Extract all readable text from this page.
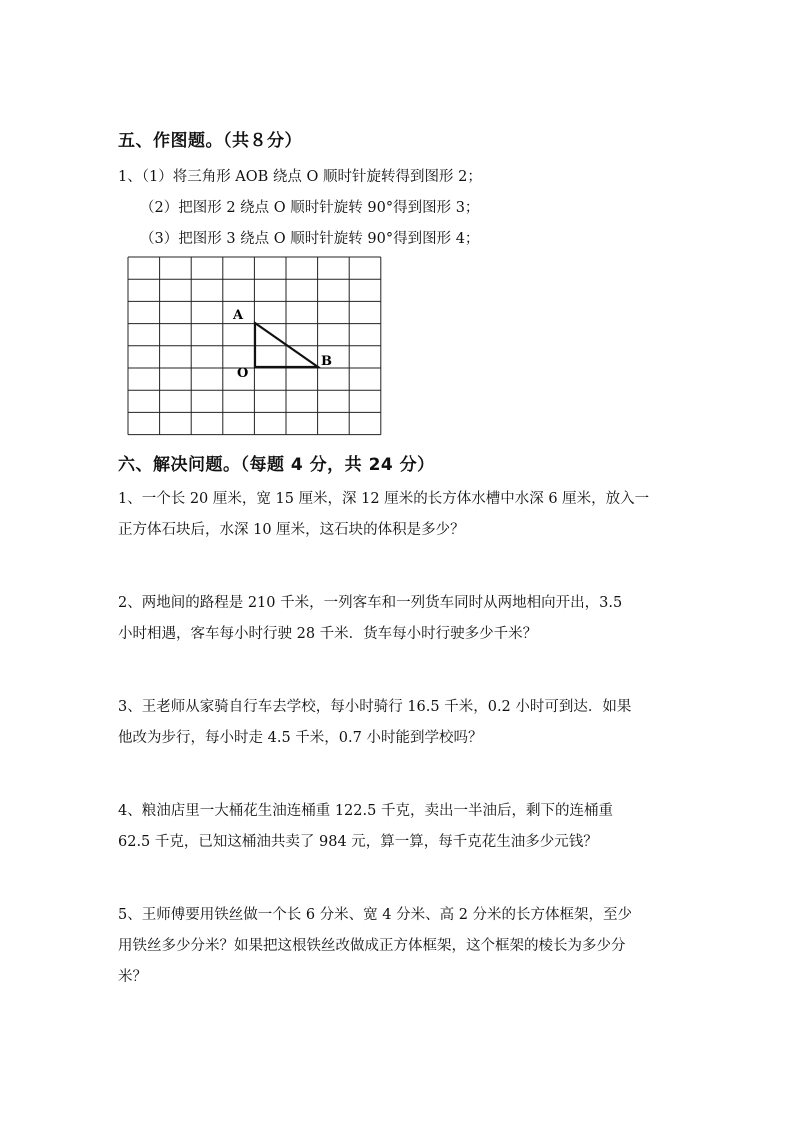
五、作图题。（共８分）
1、（1）将三角形 AOB 绕点 O 顺时针旋转得到图形 2；
（2）把图形 2 绕点 O 顺时针旋转 90°得到图形 3；
（3）把图形 3 绕点 O 顺时针旋转 90°得到图形 4；
A
O
B
六、解决问题。（每题 4 分，共 24 分）
1、一个长 20 厘米，宽 15 厘米，深 12 厘米的长方体水槽中水深 6 厘米，放入一
正方体石块后，水深 10 厘米，这石块的体积是多少？
2、两地间的路程是 210 千米，一列客车和一列货车同时从两地相向开出，3.5
小时相遇，客车每小时行驶 28 千米．货车每小时行驶多少千米？
3、王老师从家骑自行车去学校，每小时骑行 16.5 千米，0.2 小时可到达．如果
他改为步行，每小时走 4.5 千米，0.7 小时能到学校吗？
4、粮油店里一大桶花生油连桶重 122.5 千克，卖出一半油后，剩下的连桶重
62.5 千克，已知这桶油共卖了 984 元，算一算，每千克花生油多少元钱？
5、王师傅要用铁丝做一个长 6 分米、宽 4 分米、高 2 分米的长方体框架，至少
用铁丝多少分米？如果把这根铁丝改做成正方体框架，这个框架的棱长为多少分
米？
